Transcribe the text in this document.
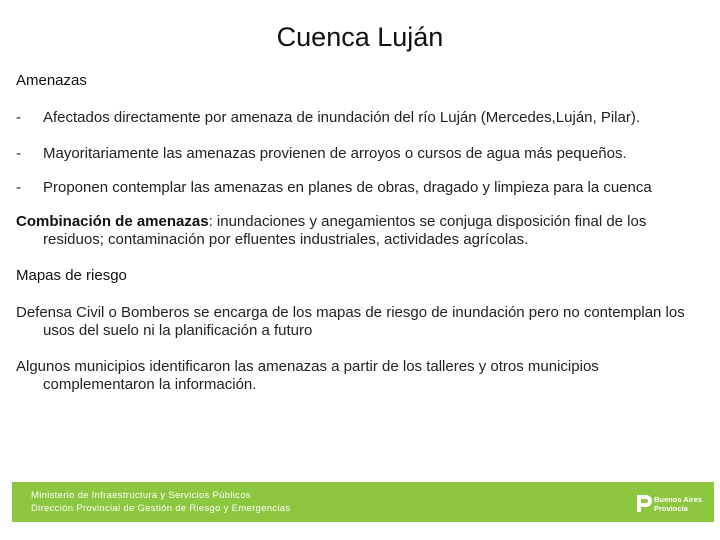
Cuenca Luján
Amenazas
- Afectados directamente por amenaza de inundación del río Luján (Mercedes,Luján, Pilar).
- Mayoritariamente las amenazas provienen de arroyos o cursos de agua más pequeños.
- Proponen contemplar las amenazas en planes de obras, dragado y limpieza para la cuenca
Combinación de amenazas: inundaciones y anegamientos se conjuga disposición final de los residuos; contaminación por efluentes industriales, actividades agrícolas.
Mapas de riesgo
Defensa Civil o Bomberos se encarga de los mapas de riesgo de inundación pero no contemplan los usos del suelo ni la planificación a futuro
Algunos municipios identificaron las amenazas a partir de los talleres y otros municipios complementaron la información.
Ministerio de Infraestructura y Servicios Públicos
Dirección Provincial de Gestión de Riesgo y Emergencias
Buenos Aires
Provincia
